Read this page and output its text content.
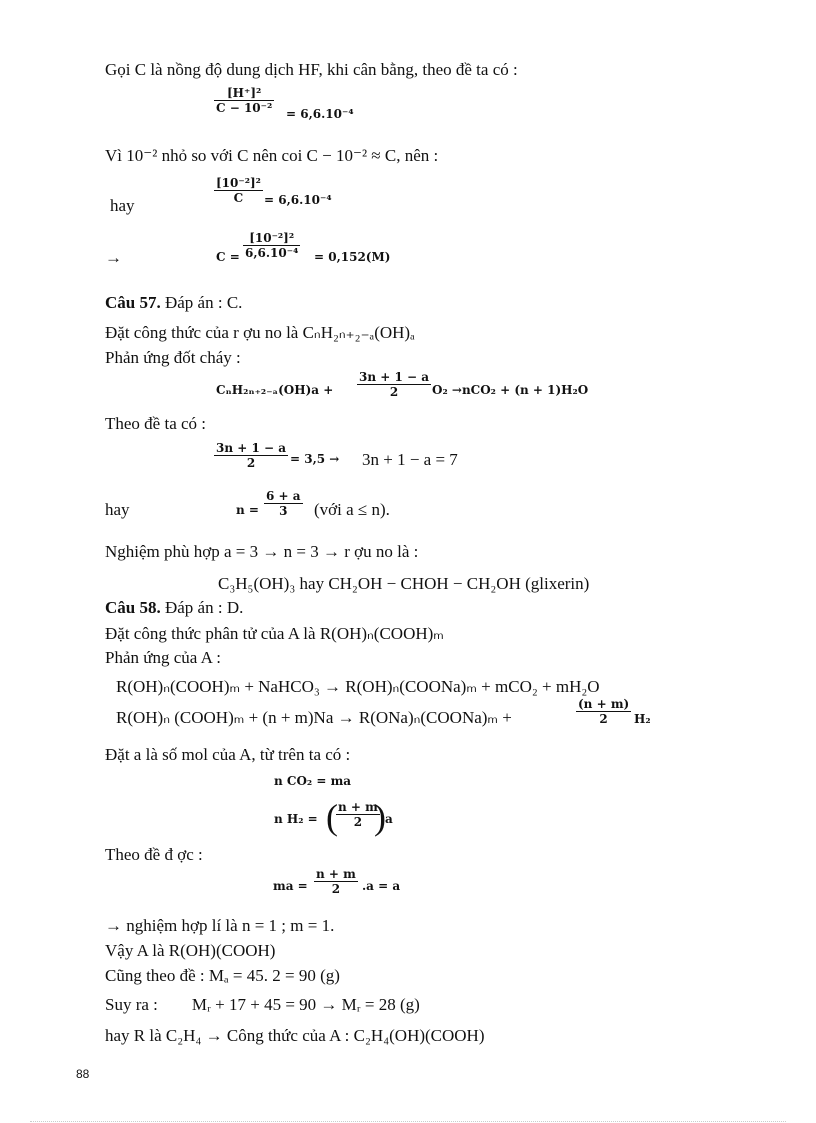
Gọi C là nồng độ dung dịch HF, khi cân bằng, theo đề ta có :
[H⁺]²
C − 10⁻² = 6,6.10⁻⁴
Vì 10⁻² nhỏ so với C nên coi C − 10⁻² ≈ C, nên :
hay
[10⁻²]²
C = 6,6.10⁻⁴
→	C =
[10⁻²]²
6,6.10⁻⁴ = 0,152(M)
Câu 57. Đáp án : C.
Đặt công thức của r ợu no là CₙH₂ₙ₊₂₋ₐ(OH)ₐ
Phản ứng đốt cháy :
CₙH₂ₙ₊₂₋ₐ(OH)a +
3n + 1 − a
2	O₂ →nCO₂ + (n + 1)H₂O
Theo đề ta có :
3n + 1 − a
2	= 3,5 → 3n + 1 − a = 7
hay	n =
6 + a
3 (với a ≤ n).
Nghiệm phù hợp a = 3 → n = 3 → r ợu no là :
C₃H₅(OH)₃ hay CH₂OH − CHOH − CH₂OH (glixerin)
Câu 58. Đáp án : D.
Đặt công thức phân tử của A là R(OH)ₙ(COOH)ₘ
Phản ứng của A :
R(OH)ₙ(COOH)ₘ + NaHCO₃ → R(OH)ₙ(COONa)ₘ + mCO₂ + mH₂O
R(OH)ₙ (COOH)ₘ + (n + m)Na → R(ONa)ₙ(COONa)ₘ +
(n + m)
2 H₂
Đặt a là số mol của A, từ trên ta có :
n CO₂ = ma
n H₂ = ( n + m
2 ) a
Theo đề đ ợc :
ma =
n + m
2 .a = a
→ nghiệm hợp lí là n = 1 ; m = 1.
Vậy A là R(OH)(COOH)
Cũng theo đề : Mₐ = 45. 2 = 90 (g)
Suy ra :        Mᵣ + 17 + 45 = 90 → Mᵣ = 28 (g)
hay R là C₂H₄ → Công thức của A : C₂H₄(OH)(COOH)
88
